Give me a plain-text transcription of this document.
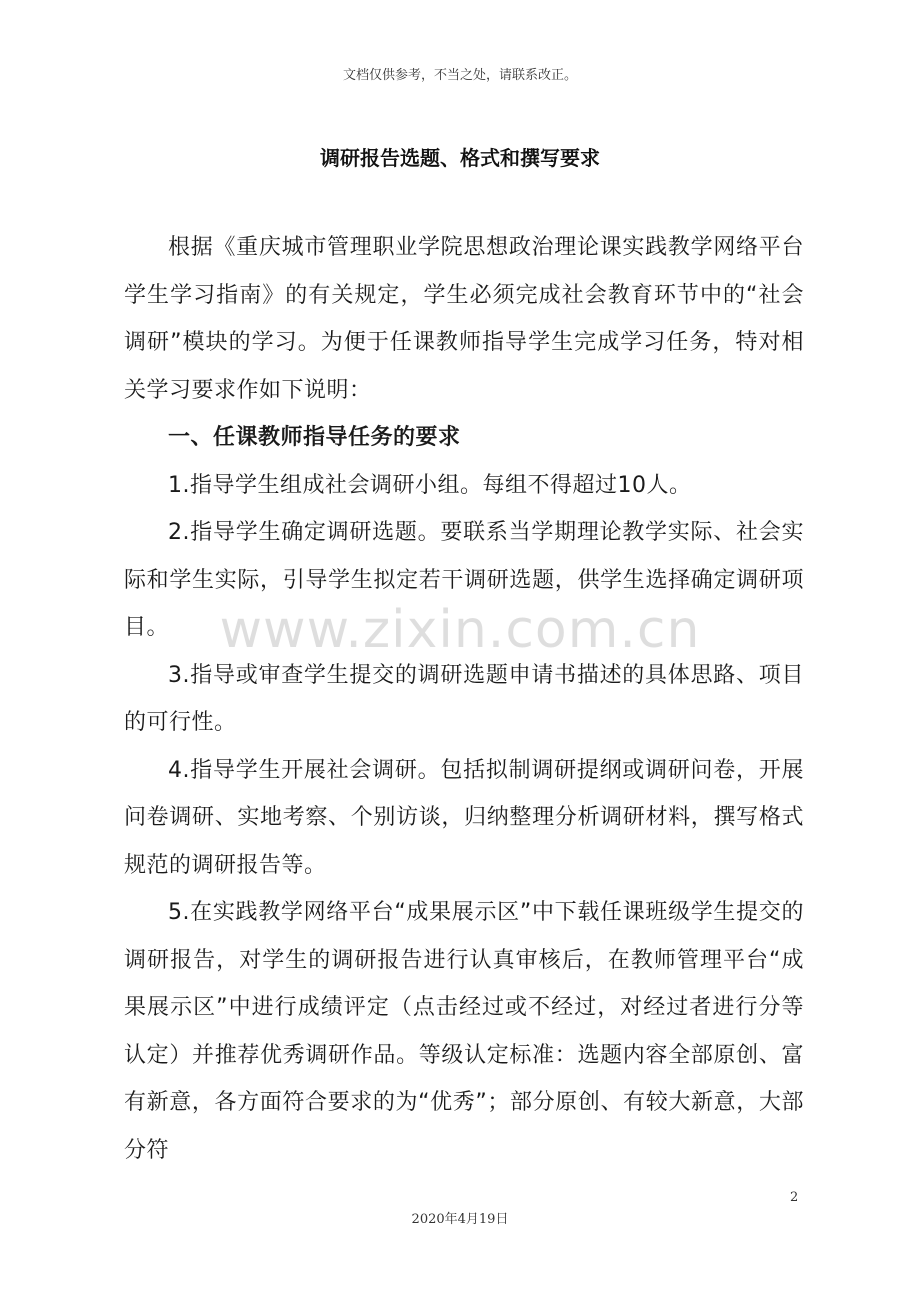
文档仅供参考，不当之处，请联系改正。
调研报告选题、格式和撰写要求

根据《重庆城市管理职业学院思想政治理论课实践教学网络平台学生学习指南》的有关规定，学生必须完成社会教育环节中的“社会调研”模块的学习。为便于任课教师指导学生完成学习任务，特对相关学习要求作如下说明：

一、任课教师指导任务的要求

1.指导学生组成社会调研小组。每组不得超过10人。

2.指导学生确定调研选题。要联系当学期理论教学实际、社会实际和学生实际，引导学生拟定若干调研选题，供学生选择确定调研项目。

3.指导或审查学生提交的调研选题申请书描述的具体思路、项目的可行性。

4.指导学生开展社会调研。包括拟制调研提纲或调研问卷，开展问卷调研、实地考察、个别访谈，归纳整理分析调研材料，撰写格式规范的调研报告等。

5.在实践教学网络平台“成果展示区”中下载任课班级学生提交的调研报告，对学生的调研报告进行认真审核后，在教师管理平台“成果展示区”中进行成绩评定（点击经过或不经过，对经过者进行分等认定）并推荐优秀调研作品。等级认定标准：选题内容全部原创、富有新意，各方面符合要求的为“优秀”；部分原创、有较大新意，大部分符

www.zixin.com.cn
2
2020年4月19日
